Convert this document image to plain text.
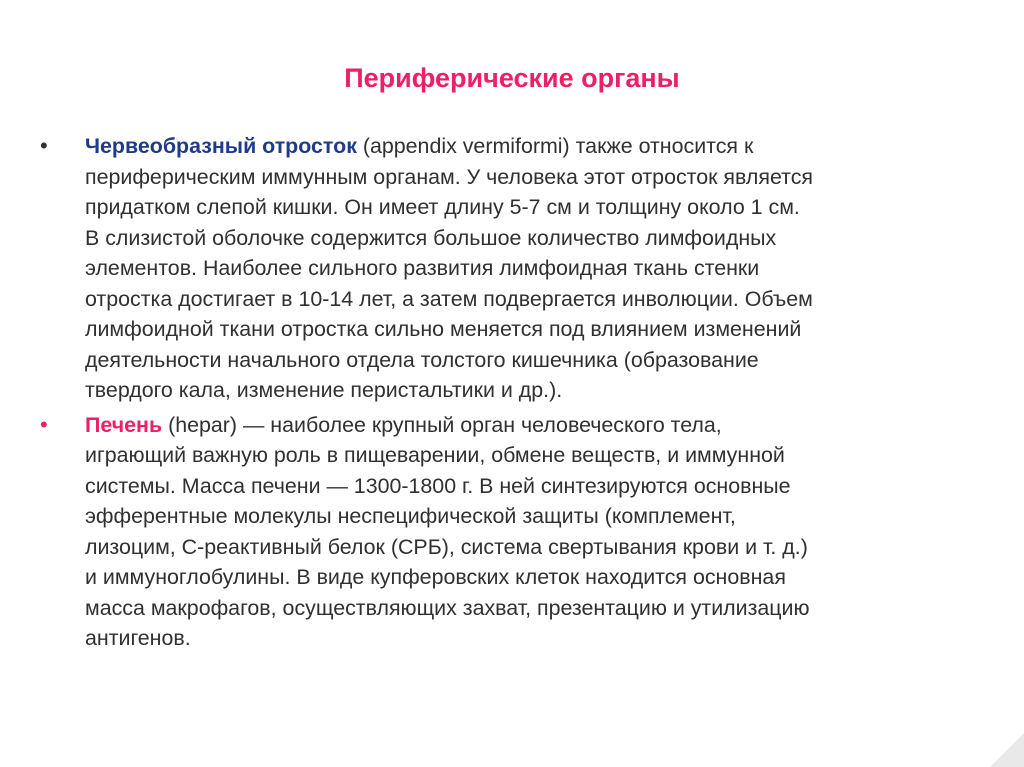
Периферические органы
• Червеобразный отросток (appendix vermiformi) также относится к
периферическим иммунным органам. У человека этот отросток является
придатком слепой кишки. Он имеет длину 5-7 см и толщину около 1 см.
В слизистой оболочке содержится большое количество лимфоидных
элементов. Наиболее сильного развития лимфоидная ткань стенки
отростка достигает в 10-14 лет, а затем подвергается инволюции. Объем
лимфоидной ткани отростка сильно меняется под влиянием изменений
деятельности начального отдела толстого кишечника (образование
твердого кала, изменение перистальтики и др.).
• Печень (hepar) — наиболее крупный орган человеческого тела,
играющий важную роль в пищеварении, обмене веществ, и иммунной
системы. Масса печени — 1300-1800 г. В ней синтезируются основные
эфферентные молекулы неспецифической защиты (комплемент,
лизоцим, С-реактивный белок (СРБ), система свертывания крови и т. д.)
и иммуноглобулины. В виде купферовских клеток находится основная
масса макрофагов, осуществляющих захват, презентацию и утилизацию
антигенов.
